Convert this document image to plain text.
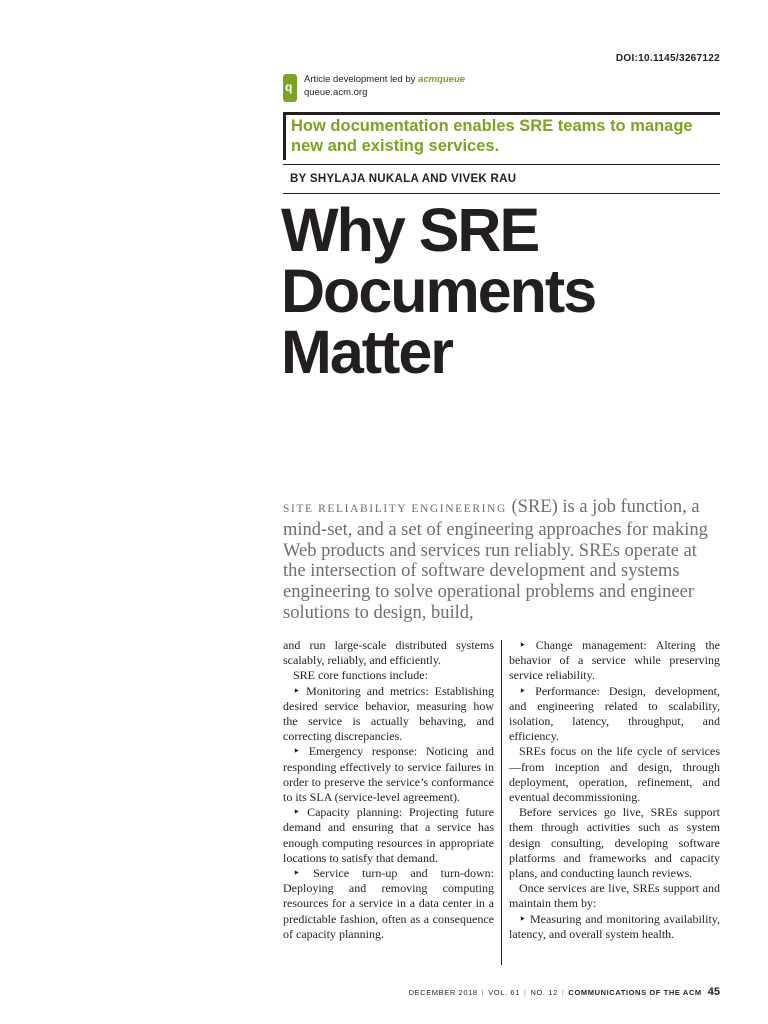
DOI:10.1145/3267122
q
Article development led by acmqueue
queue.acm.org
How documentation enables SRE teams to manage new and existing services.
BY SHYLAJA NUKALA AND VIVEK RAU
Why SRE
Documents
Matter
SITE RELIABILITY ENGINEERING (SRE) is a job function, a mind-set, and a set of engineering approaches for making Web products and services run reliably. SREs operate at the intersection of software development and systems engineering to solve operational problems and engineer solutions to design, build,

and run large-scale distributed systems scalably, reliably, and efficiently.

SRE core functions include:

‣ Monitoring and metrics: Establishing desired service behavior, measuring how the service is actually behaving, and correcting discrepancies.

‣ Emergency response: Noticing and responding effectively to service failures in order to preserve the service’s conformance to its SLA (service-level agreement).

‣ Capacity planning: Projecting future demand and ensuring that a service has enough computing resources in appropriate locations to satisfy that demand.

‣ Service turn-up and turn-down: Deploying and removing computing resources for a service in a data center in a predictable fashion, often as a consequence of capacity planning.

‣ Change management: Altering the behavior of a service while preserving service reliability.

‣ Performance: Design, development, and engineering related to scalability, isolation, latency, throughput, and efficiency.

SREs focus on the life cycle of services—from inception and design, through deployment, operation, refinement, and eventual decommissioning.

Before services go live, SREs support them through activities such as system design consulting, developing software platforms and frameworks and capacity plans, and conducting launch reviews.

Once services are live, SREs support and maintain them by:

‣ Measuring and monitoring availability, latency, and overall system health.

DECEMBER 2018 | VOL. 61 | NO. 12 | COMMUNICATIONS OF THE ACM 45
